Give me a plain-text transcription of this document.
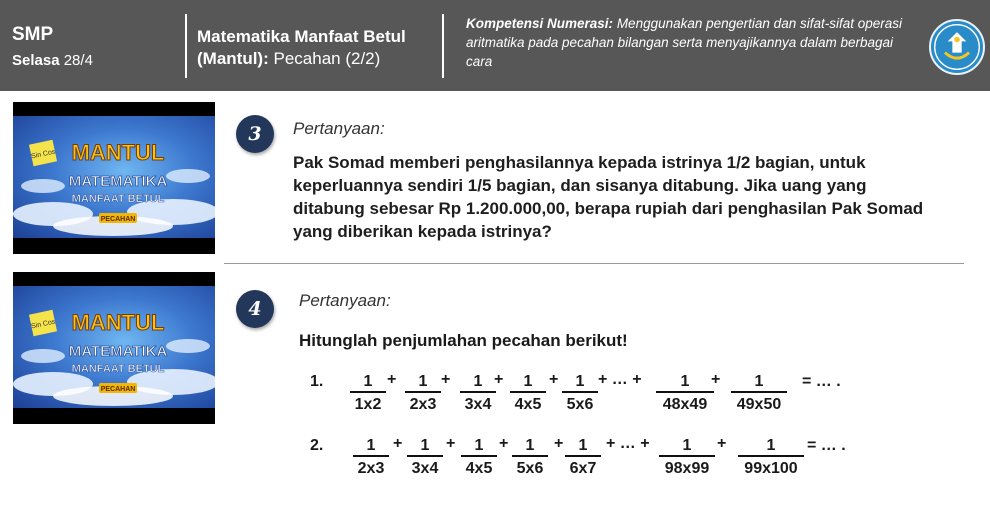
SMP
Selasa 28/4
Matematika Manfaat Betul (Mantul): Pecahan (2/2)
Kompetensi Numerasi: Menggunakan pengertian dan sifat-sifat operasi aritmatika pada pecahan bilangan serta menyajikannya dalam berbagai cara
Sin Cos MANTUL
MATEMATIKA
MANFAAT BETUL
PECAHAN
3	Pertanyaan:
Pak Somad memberi penghasilannya kepada istrinya 1/2 bagian, untuk keperluannya sendiri 1/5 bagian, dan sisanya ditabung. Jika uang yang ditabung sebesar Rp 1.200.000,00, berapa rupiah dari penghasilan Pak Somad yang diberikan kepada istrinya?
Sin Cos MANTUL
MATEMATIKA
MANFAAT BETUL
PECAHAN
4	Pertanyaan:
Hitunglah penjumlahan pecahan berikut!
1. $\frac{1}{1x2} + \frac{1}{2x3} + \frac{1}{3x4}$
+ $\frac{1}{4x5} + \frac{1}{5x6}$ + … + $\frac{1}{48x49}$
+ $\frac{1}{49x50}$ = … .
2. $\frac{1}{2x3} + \frac{1}{3x4} + \frac{1}{4x5} + \frac{1}{5x6} + \frac{1}{6x7}$ + … + $\frac{1}{98x99} + \frac{1}{99x100}$ = … .
